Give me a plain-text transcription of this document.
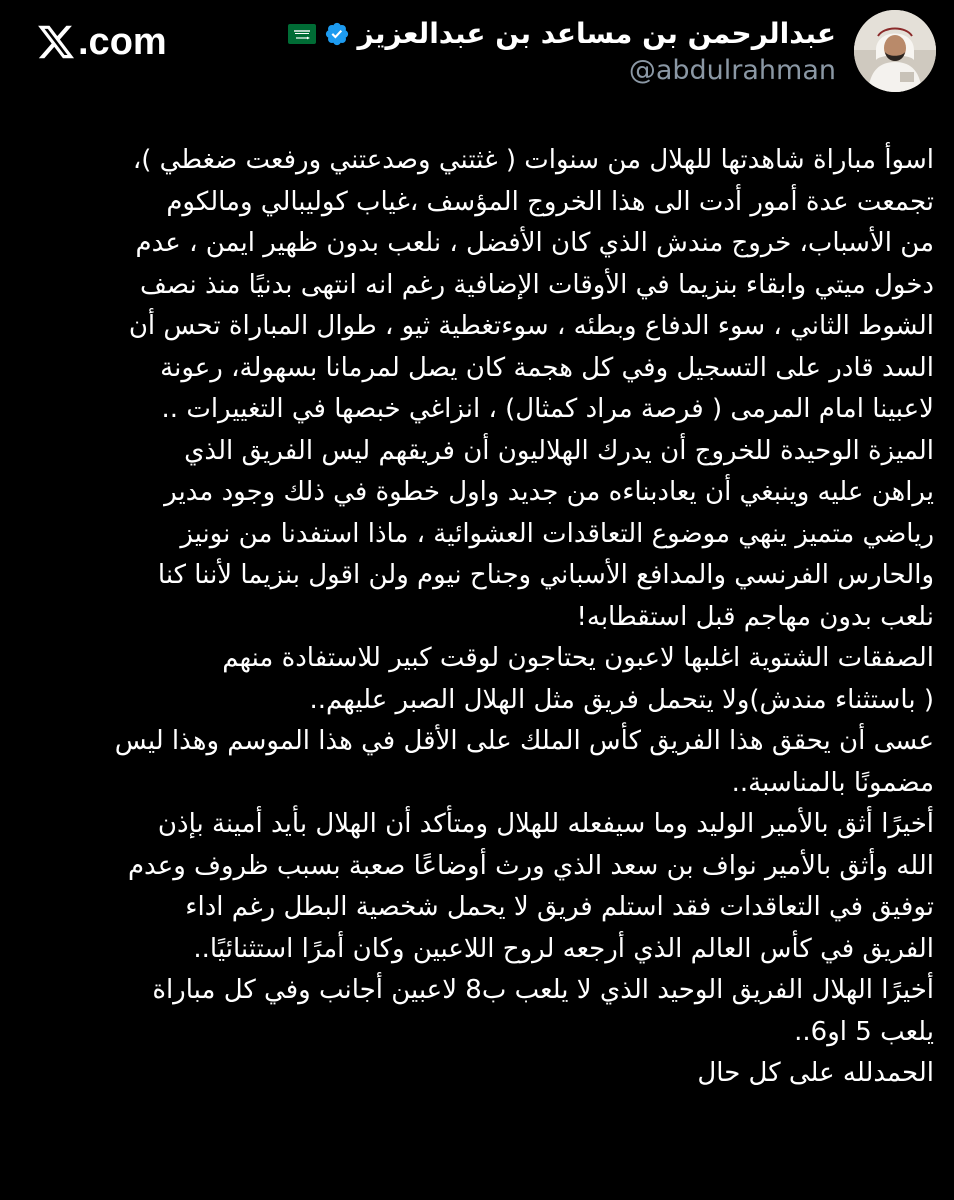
.com	عبدالرحمن بن مساعد بن عبدالعزيز
@abdulrahman
اسوأ مباراة شاهدتها للهلال من سنوات ( غثتني وصدعتني ورفعت ضغطي )،
تجمعت عدة أمور أدت الى هذا الخروج المؤسف ،غياب كوليبالي ومالكوم
من الأسباب، خروج مندش الذي كان الأفضل ، نلعب بدون ظهير ايمن ، عدم
دخول ميتي وابقاء بنزيما في الأوقات الإضافية رغم انه انتهى بدنيًا منذ نصف
الشوط الثاني ، سوء الدفاع وبطئه ، سوءتغطية ثيو ، طوال المباراة تحس أن
السد قادر على التسجيل وفي كل هجمة كان يصل لمرمانا بسهولة، رعونة
لاعبينا امام المرمى ( فرصة مراد كمثال) ، انزاغي خبصها في التغييرات ..
الميزة الوحيدة للخروج أن يدرك الهلاليون أن فريقهم ليس الفريق الذي
يراهن عليه وينبغي أن يعادبناءه من جديد واول خطوة في ذلك وجود مدير
رياضي متميز ينهي موضوع التعاقدات العشوائية ، ماذا استفدنا من نونيز
والحارس الفرنسي والمدافع الأسباني وجناح نيوم ولن اقول بنزيما لأننا كنا
نلعب بدون مهاجم قبل استقطابه!
الصفقات الشتوية اغلبها لاعبون يحتاجون لوقت كبير للاستفادة منهم
( باستثناء مندش)ولا يتحمل فريق مثل الهلال الصبر عليهم..
عسى أن يحقق هذا الفريق كأس الملك على الأقل في هذا الموسم وهذا ليس
مضمونًا بالمناسبة..
أخيرًا أثق بالأمير الوليد وما سيفعله للهلال ومتأكد أن الهلال بأيد أمينة بإذن
الله وأثق بالأمير نواف بن سعد الذي ورث أوضاعًا صعبة بسبب ظروف وعدم
توفيق في التعاقدات فقد استلم فريق لا يحمل شخصية البطل رغم اداء
الفريق في كأس العالم الذي أرجعه لروح اللاعبين وكان أمرًا استثنائيًا..
أخيرًا الهلال الفريق الوحيد الذي لا يلعب ب8 لاعبين أجانب وفي كل مباراة
يلعب 5 او6..
الحمدلله على كل حال
